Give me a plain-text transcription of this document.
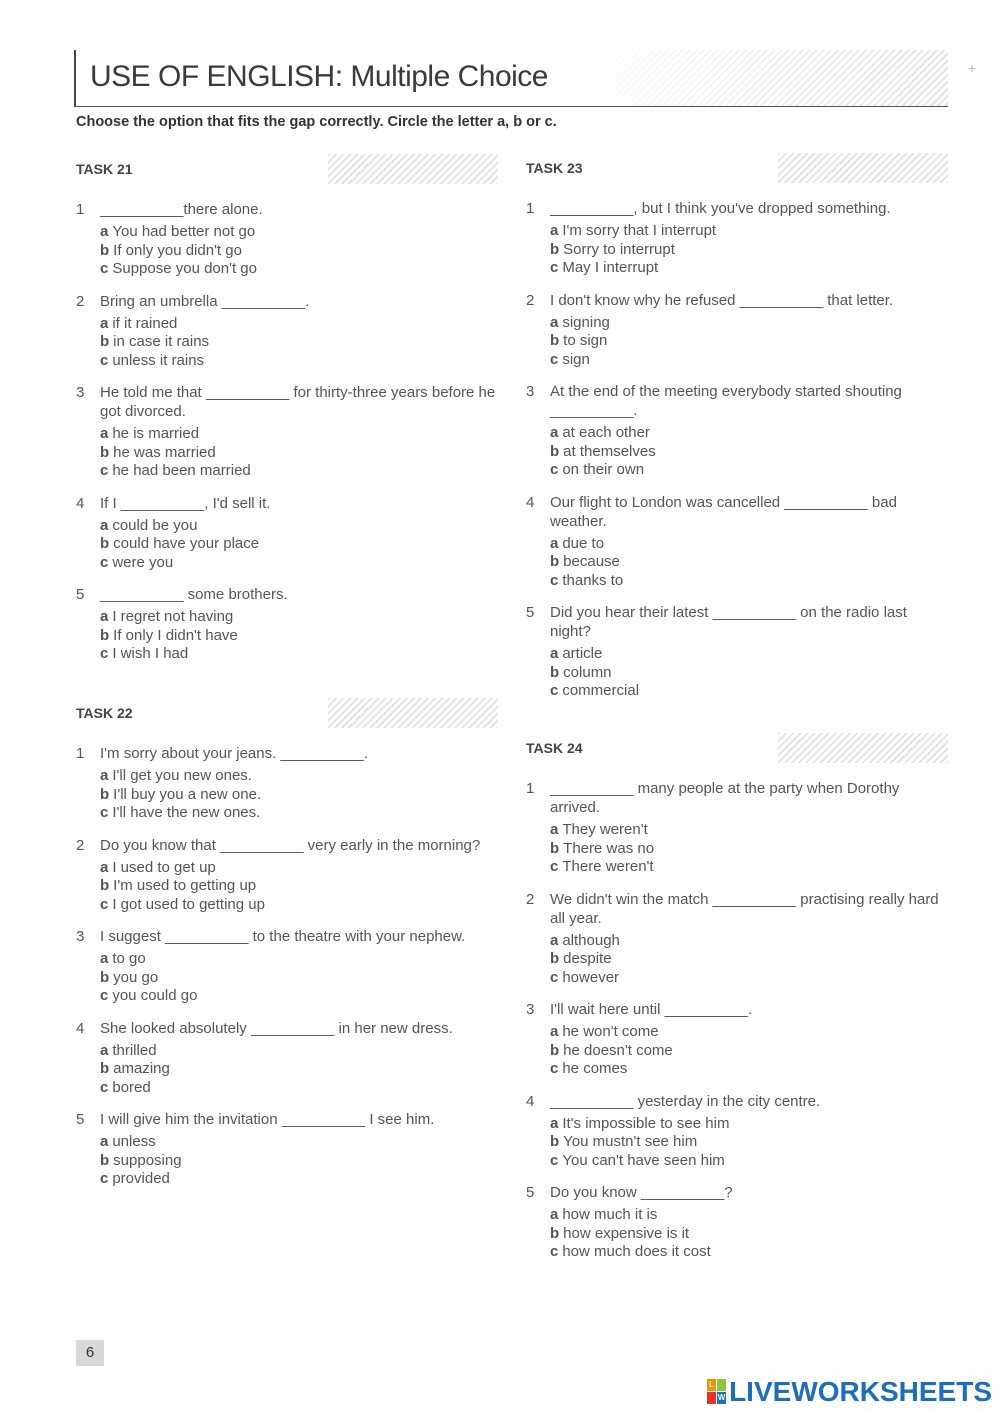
USE OF ENGLISH: Multiple Choice	+

Choose the option that fits the gap correctly. Circle the letter a, b or c.

TASK 21
1	__________there alone.
a You had better not go
b If only you didn't go
c Suppose you don't go
2	Bring an umbrella __________.
a if it rained
b in case it rains
c unless it rains
3	He told me that __________ for thirty-three years before he got divorced.
a he is married
b he was married
c he had been married
4	If I __________, I'd sell it.
a could be you
b could have your place
c were you
5	__________ some brothers.
a I regret not having
b If only I didn't have
c I wish I had
TASK 22
1	I'm sorry about your jeans. __________.
a I'll get you new ones.
b I'll buy you a new one.
c I'll have the new ones.
2	Do you know that __________ very early in the morning?
a I used to get up
b I'm used to getting up
c I got used to getting up
3	I suggest __________ to the theatre with your nephew.
a to go
b you go
c you could go
4	She looked absolutely __________ in her new dress.
a thrilled
b amazing
c bored
5	I will give him the invitation __________ I see him.
a unless
b supposing
c provided
TASK 23
1	__________, but I think you've dropped something.
a I'm sorry that I interrupt
b Sorry to interrupt
c May I interrupt
2	I don't know why he refused __________ that letter.
a signing
b to sign
c sign
3	At the end of the meeting everybody started shouting __________.
a at each other
b at themselves
c on their own
4	Our flight to London was cancelled __________ bad weather.
a due to
b because
c thanks to
5	Did you hear their latest __________ on the radio last night?
a article
b column
c commercial
TASK 24
1	__________ many people at the party when Dorothy arrived.
a They weren't
b There was no
c There weren't
2	We didn't win the match __________ practising really hard all year.
a although
b despite
c however
3	I'll wait here until __________.
a he won't come
b he doesn't come
c he comes
4	__________ yesterday in the city centre.
a It's impossible to see him
b You mustn't see him
c You can't have seen him
5	Do you know __________?
a how much it is
b how expensive is it
c how much does it cost
6
L
W LIVEWORKSHEETS
